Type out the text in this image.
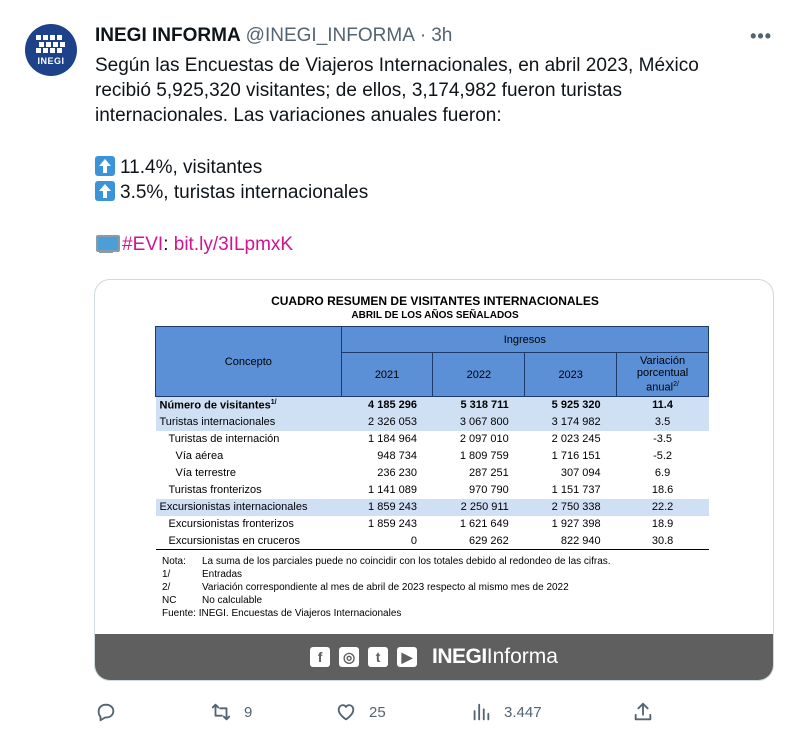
INEGI
INEGI INFORMA @INEGI_INFORMA · 3h	•••
Según las Encuestas de Viajeros Internacionales, en abril 2023, México
recibió 5,925,320 visitantes; de ellos, 3,174,982 fueron turistas
internacionales. Las variaciones anuales fueron:
11.4%, visitantes
3.5%, turistas internacionales
#EVI: bit.ly/3ILpmxK
CUADRO RESUMEN DE VISITANTES INTERNACIONALES
ABRIL DE LOS AÑOS SEÑALADOS
Concepto	Ingresos			
	2021	2022	2023	Variación
porcentual
anual$^{2/}$
Número de visitantes$^{1/}$	4 185 296	5 318 711	5 925 320	11.4
Turistas internacionales	2 326 053	3 067 800	3 174 982	3.5
Turistas de internación	1 184 964	2 097 010	2 023 245	-3.5
Vía aérea	948 734	1 809 759	1 716 151	-5.2
Vía terrestre	236 230	287 251	307 094	6.9
Turistas fronterizos	1 141 089	970 790	1 151 737	18.6
Excursionistas internacionales	1 859 243	2 250 911	2 750 338	22.2
Excursionistas fronterizos	1 859 243	1 621 649	1 927 398	18.9
Excursionistas en cruceros	0	629 262	822 940	30.8
Nota:	La suma de los parciales puede no coincidir con los totales debido al redondeo de las cifras.
1/	Entradas
2/	Variación correspondiente al mes de abril de 2023 respecto al mismo mes de 2022
NC	No calculable
Fuente: INEGI. Encuestas de Viajeros Internacionales
f	◎	t	▶ INEGIInforma
9	25	3.447
